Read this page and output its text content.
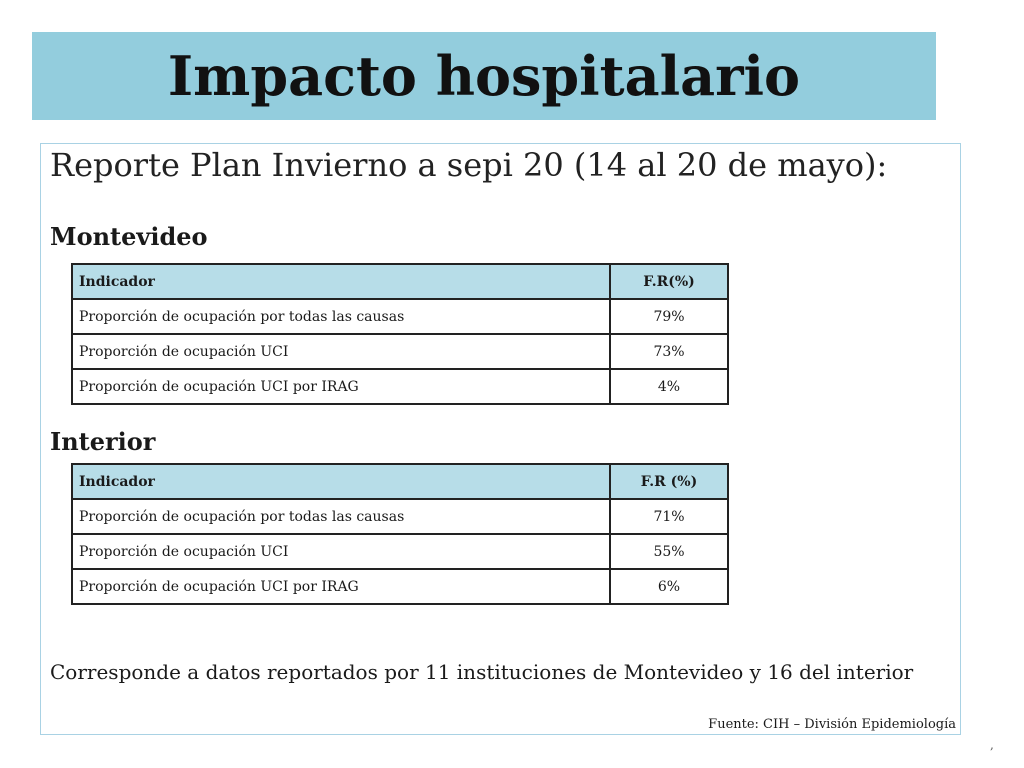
Impacto hospitalario
Reporte Plan Invierno a sepi 20 (14 al 20 de mayo):
Montevideo
Indicador	F.R(%)
Proporción de ocupación por todas las causas	79%
Proporción de ocupación UCI	73%
Proporción de ocupación UCI por IRAG	4%
Interior
Indicador	F.R (%)
Proporción de ocupación por todas las causas	71%
Proporción de ocupación UCI	55%
Proporción de ocupación UCI por IRAG	6%
Corresponde a datos reportados por 11 instituciones de Montevideo y 16 del interior
Fuente: CIH – División Epidemiología
,
